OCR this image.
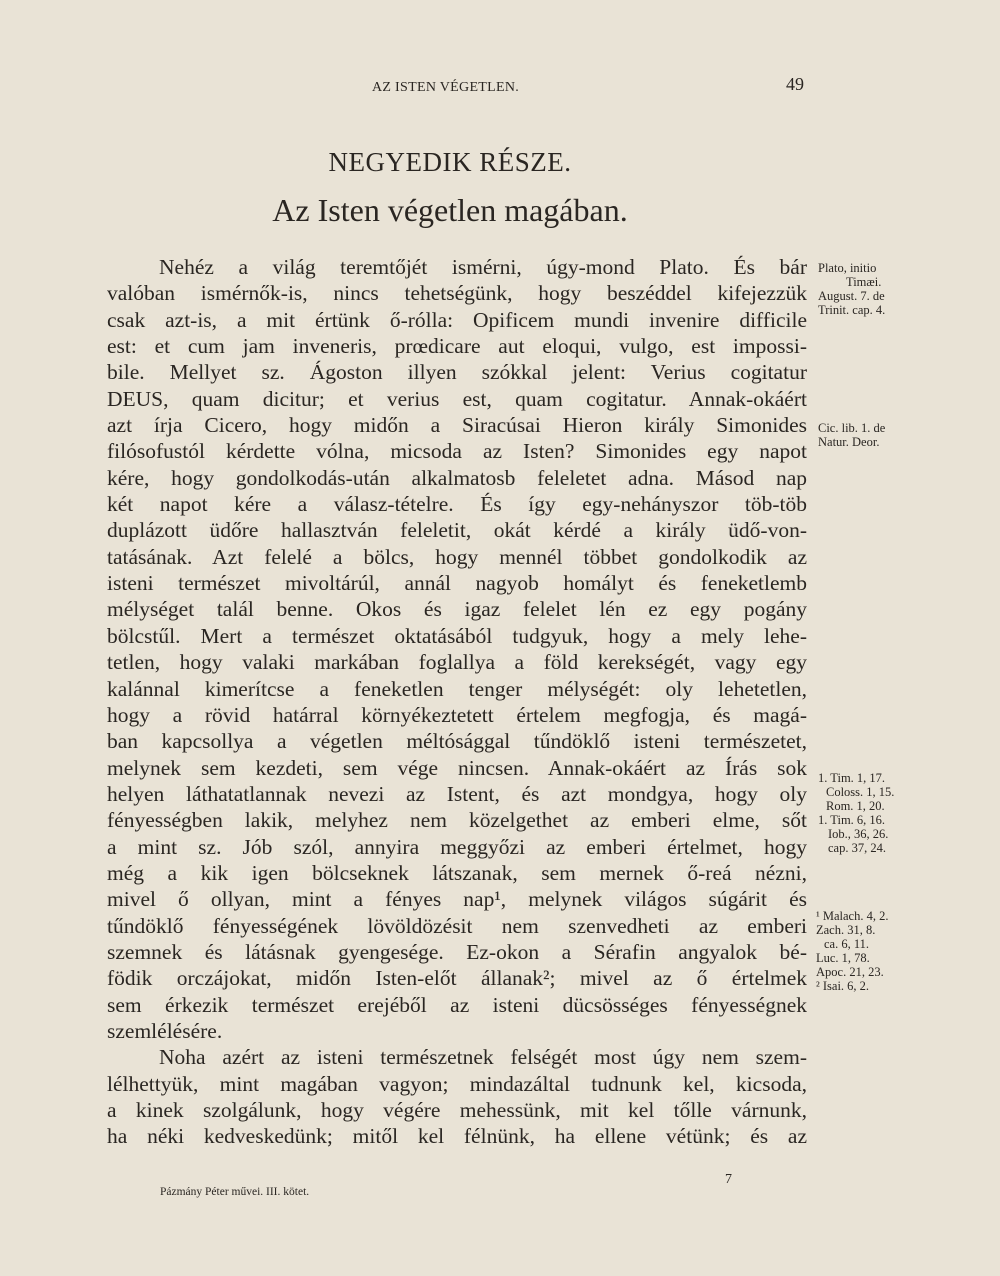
AZ ISTEN VÉGETLEN.	49
NEGYEDIK RÉSZE.
Az Isten végetlen magában.
Nehéz a világ teremtőjét ismérni, úgy-mond Plato. És bár
valóban ismérnők-is, nincs tehetségünk, hogy beszéddel kifejezzük
csak azt-is, a mit értünk ő-rólla: Opificem mundi invenire difficile
est: et cum jam inveneris, prœdicare aut eloqui, vulgo, est impossi-
bile. Mellyet sz. Ágoston illyen szókkal jelent: Verius cogitatur
DEUS, quam dicitur; et verius est, quam cogitatur. Annak-okáért
azt írja Cicero, hogy midőn a Siracúsai Hieron király Simonides
filósofustól kérdette vólna, micsoda az Isten? Simonides egy napot
kére, hogy gondolkodás-után alkalmatosb feleletet adna. Másod nap
két napot kére a válasz-tételre. És így egy-nehányszor töb-töb
duplázott üdőre hallasztván feleletit, okát kérdé a király üdő-von-
tatásának. Azt felelé a bölcs, hogy mennél többet gondolkodik az
isteni természet mivoltárúl, annál nagyob homályt és feneketlemb
mélységet talál benne. Okos és igaz felelet lén ez egy pogány
bölcstűl. Mert a természet oktatásából tudgyuk, hogy a mely lehe-
tetlen, hogy valaki markában foglallya a föld kerekségét, vagy egy
kalánnal kimerítcse a feneketlen tenger mélységét: oly lehetetlen,
hogy a rövid határral környékeztetett értelem megfogja, és magá-
ban kapcsollya a végetlen méltósággal tűndöklő isteni természetet,
melynek sem kezdeti, sem vége nincsen. Annak-okáért az Írás sok
helyen láthatatlannak nevezi az Istent, és azt mondgya, hogy oly
fényességben lakik, melyhez nem közelgethet az emberi elme, sőt
a mint sz. Jób szól, annyira meggyőzi az emberi értelmet, hogy
még a kik igen bölcseknek látszanak, sem mernek ő-reá nézni,
mivel ő ollyan, mint a fényes nap¹, melynek világos súgárit és
tűndöklő fényességének lövöldözésit nem szenvedheti az emberi
szemnek és látásnak gyengesége. Ez-okon a Sérafin angyalok bé-
födik orczájokat, midőn Isten-előt állanak²; mivel az ő értelmek
sem érkezik természet erejéből az isteni dücsösséges fényességnek
szemlélésére.
Noha azért az isteni természetnek felségét most úgy nem szem-
lélhettyük, mint magában vagyon; mindazáltal tudnunk kel, kicsoda,
a kinek szolgálunk, hogy végére mehessünk, mit kel tőlle várnunk,
ha néki kedveskedünk; mitől kel félnünk, ha ellene vétünk; és az
Plato, initio
Timæi.
August. 7. de
Trinit. cap. 4.
Cic. lib. 1. de
Natur. Deor.
1. Tim. 1, 17.
Coloss. 1, 15.
Rom. 1, 20.
1. Tim. 6, 16.
Iob., 36, 26.
cap. 37, 24.
¹ Malach. 4, 2.
Zach. 31, 8.
ca. 6, 11.
Luc. 1, 78.
Apoc. 21, 23.
² Isai. 6, 2.
Pázmány Péter művei. III. kötet.
7
